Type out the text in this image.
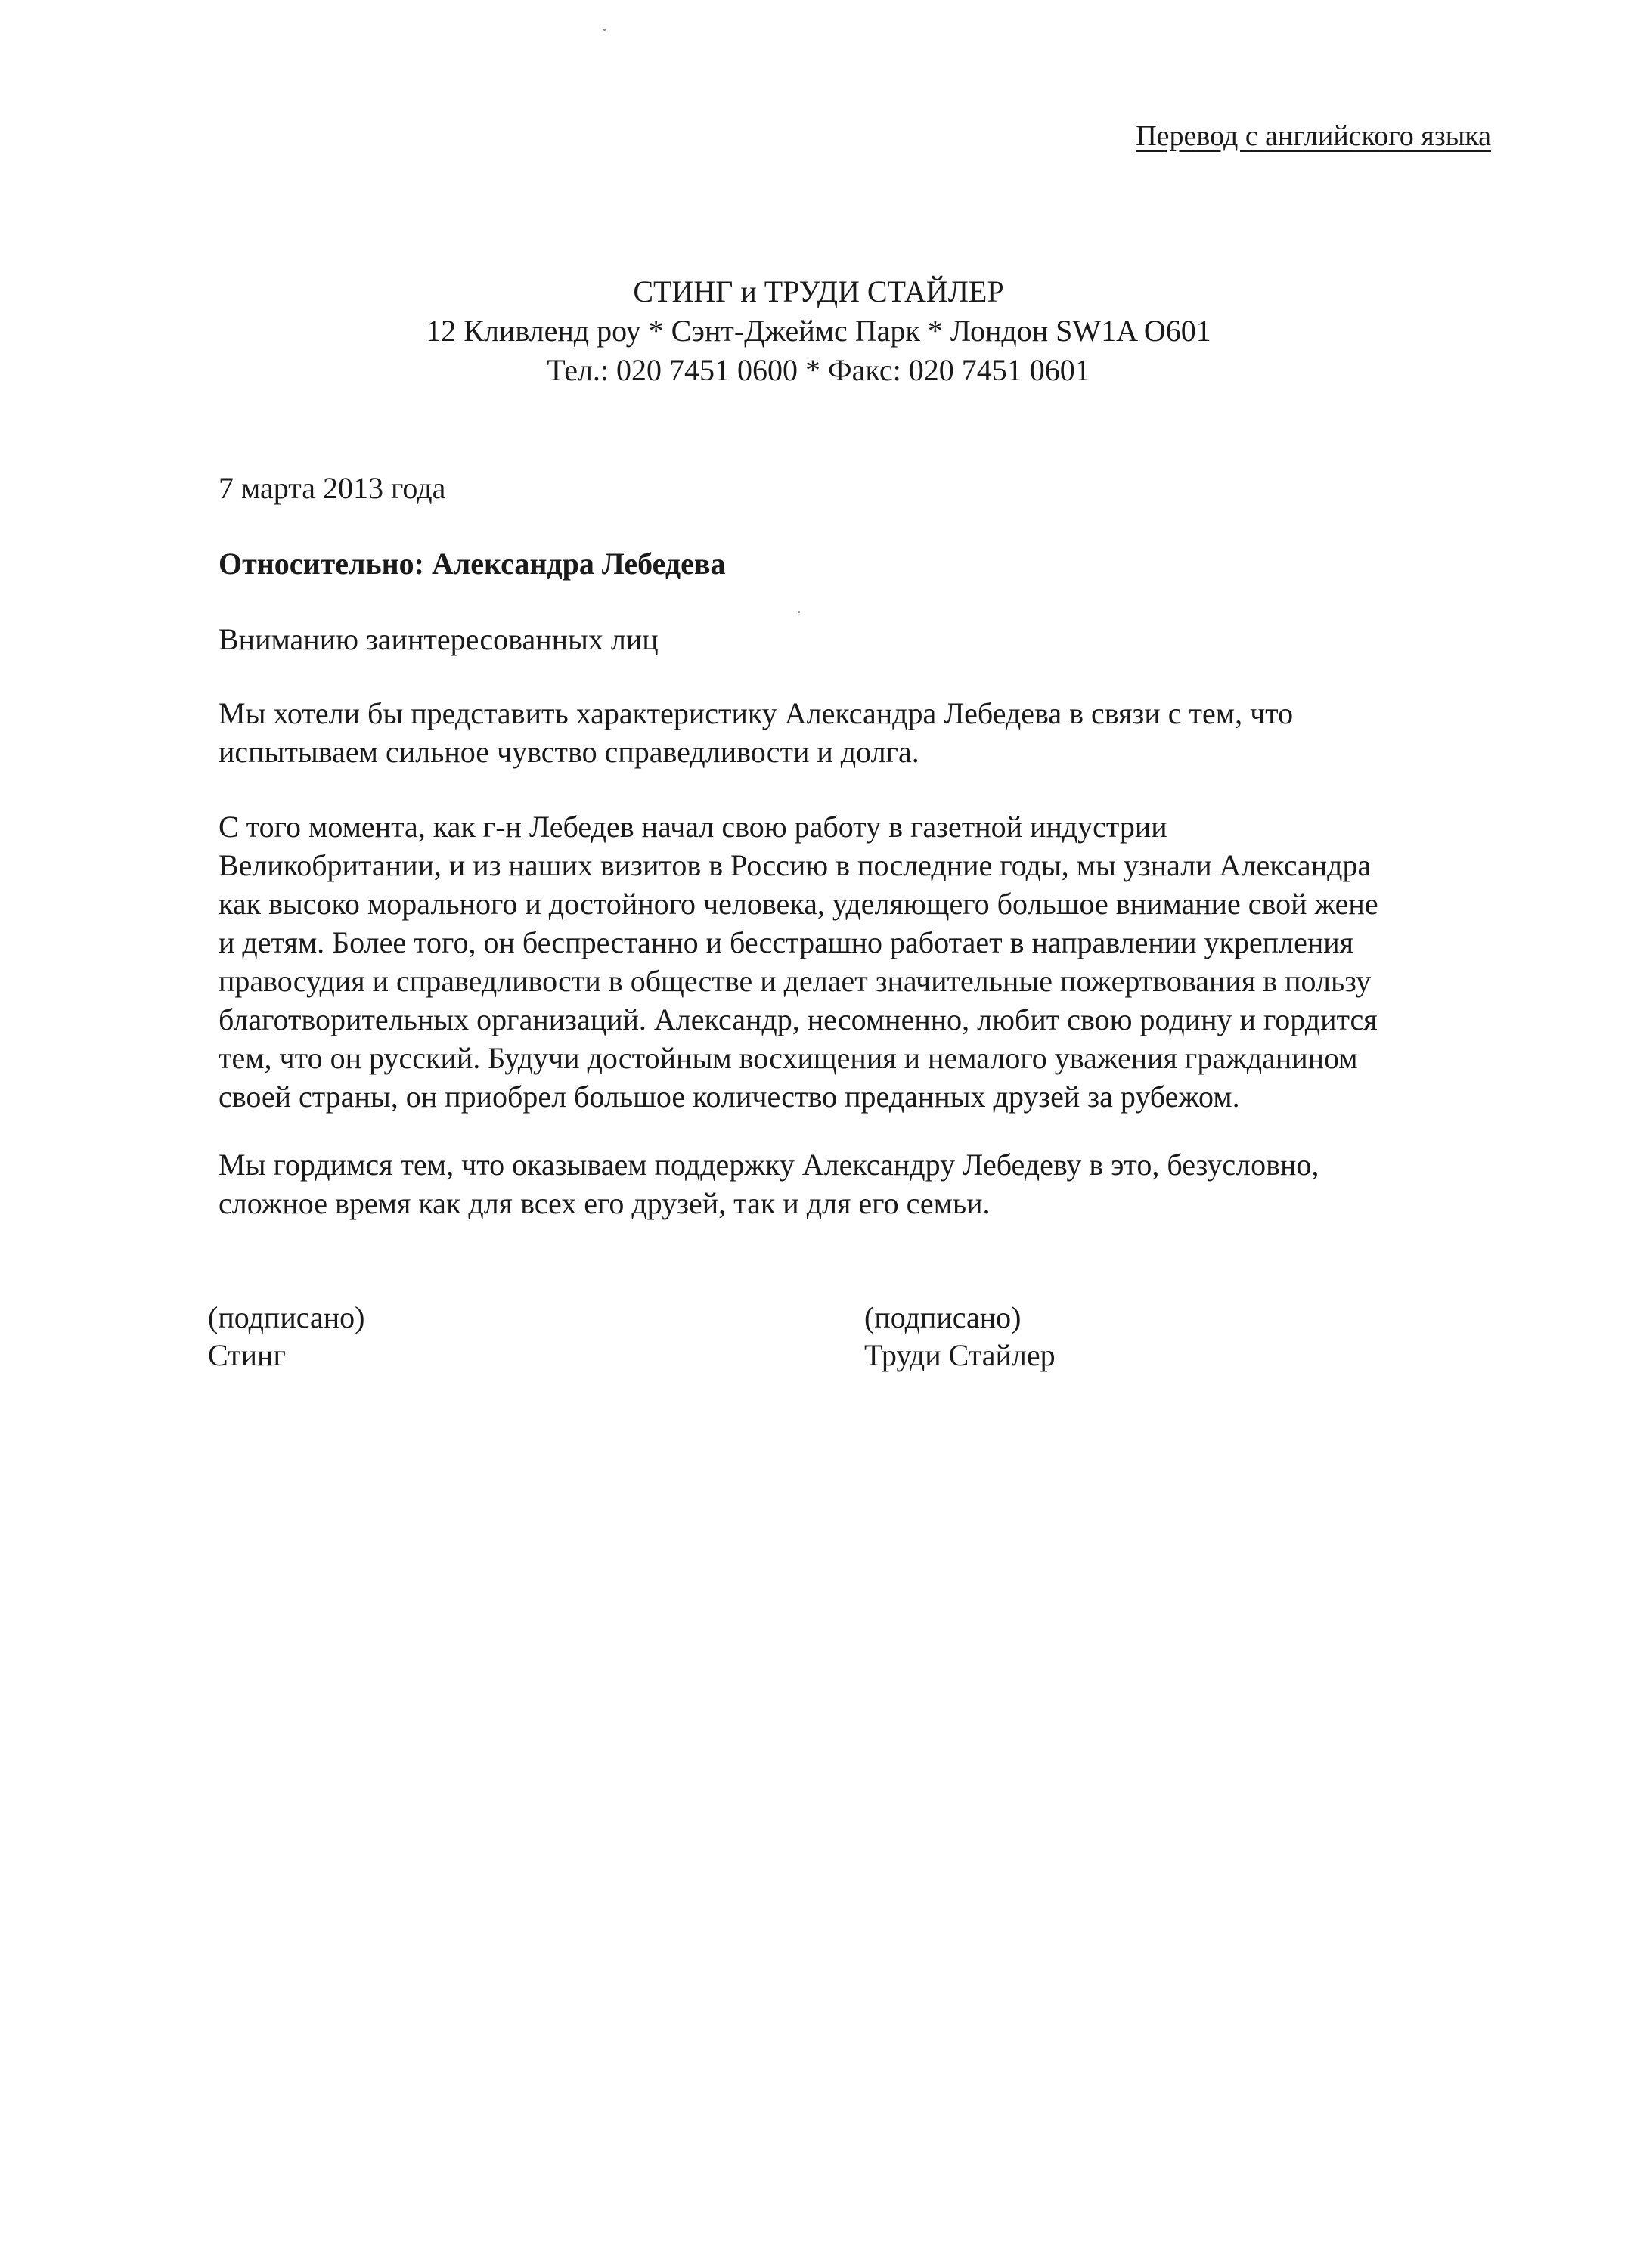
Перевод с английского языка
СТИНГ и ТРУДИ СТАЙЛЕР
12 Кливленд роу * Сэнт-Джеймс Парк * Лондон SW1A O601
Тел.: 020 7451 0600 * Факс: 020 7451 0601
7 марта 2013 года
Относительно: Александра Лебедева
Вниманию заинтересованных лиц
Мы хотели бы представить характеристику Александра Лебедева в связи с тем, что
испытываем сильное чувство справедливости и долга.
С того момента, как г-н Лебедев начал свою работу в газетной индустрии
Великобритании, и из наших визитов в Россию в последние годы, мы узнали Александра
как высоко морального и достойного человека, уделяющего большое внимание свой жене
и детям. Более того, он беспрестанно и бесстрашно работает в направлении укрепления
правосудия и справедливости в обществе и делает значительные пожертвования в пользу
благотворительных организаций. Александр, несомненно, любит свою родину и гордится
тем, что он русский. Будучи достойным восхищения и немалого уважения гражданином
своей страны, он приобрел большое количество преданных друзей за рубежом.
Мы гордимся тем, что оказываем поддержку Александру Лебедеву в это, безусловно,
сложное время как для всех его друзей, так и для его семьи.
(подписано)
Стинг
(подписано)
Труди Стайлер
